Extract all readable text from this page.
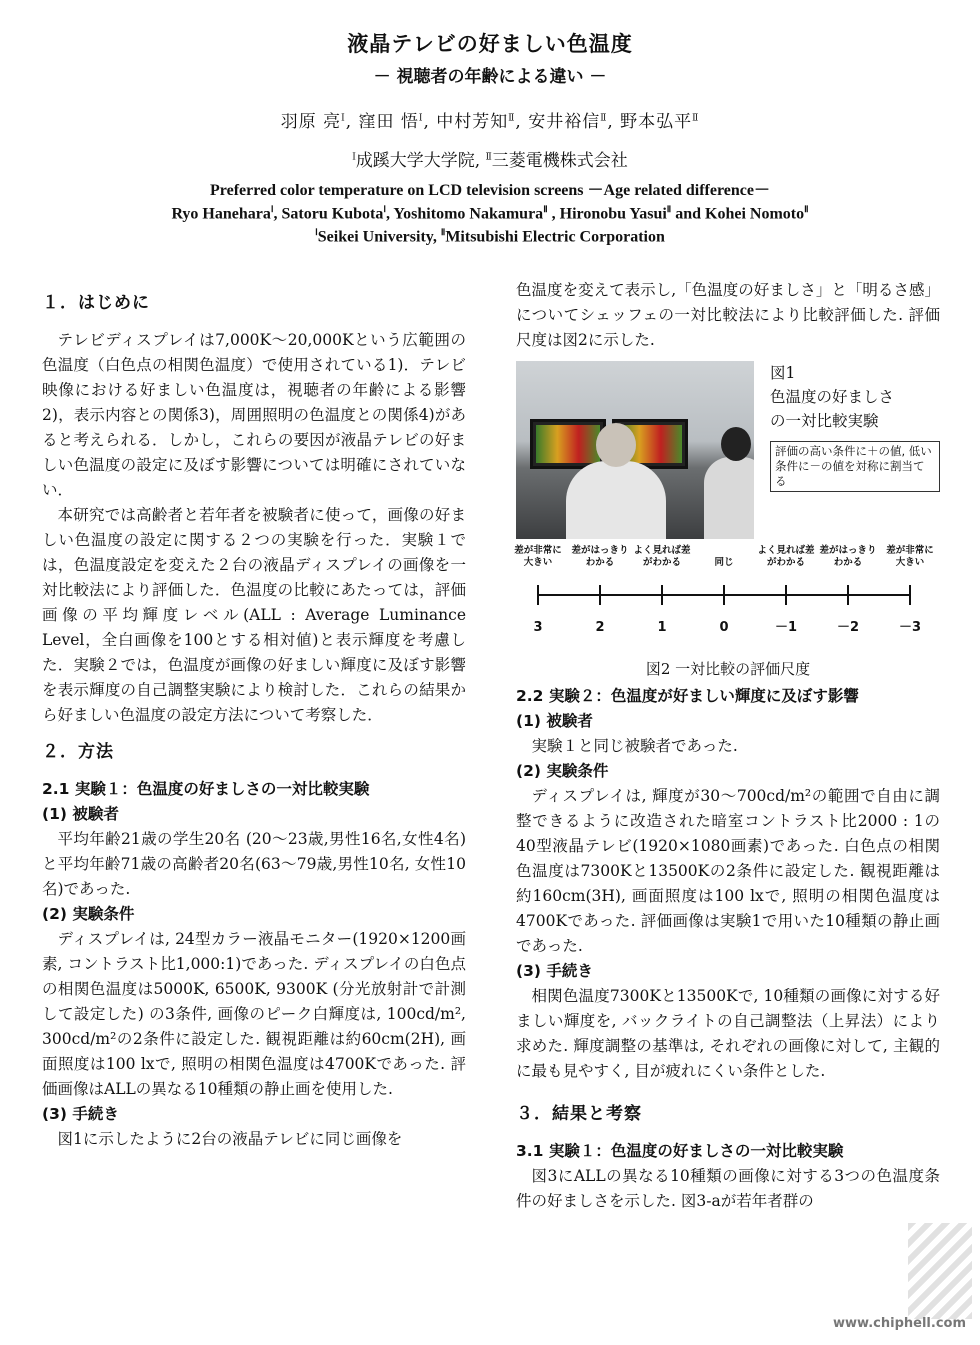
液晶テレビの好ましい色温度
－ 視聴者の年齢による違い －
羽原 亮$^Ⅰ$, 窪田 悟$^Ⅰ$, 中村芳知$^Ⅱ$, 安井裕信$^Ⅱ$, 野本弘平$^Ⅱ$
$^Ⅰ$成蹊大学大学院, $^Ⅱ$三菱電機株式会社
Preferred color temperature on LCD television screens －Age related difference－
Ryo Hanehara$^Ⅰ$, Satoru Kubota$^Ⅰ$, Yoshitomo Nakamura$^Ⅱ$ , Hironobu Yasui$^Ⅱ$ and Kohei Nomoto$^Ⅱ$
$^Ⅰ$Seikei University, $^Ⅱ$Mitsubishi Electric Corporation
１．はじめに

テレビディスプレイは7,000K～20,000Kという広範囲の色温度（白色点の相関色温度）で使用されている1)．テレビ映像における好ましい色温度は，視聴者の年齢による影響2)，表示内容との関係3)，周囲照明の色温度との関係4)があると考えられる．しかし，これらの要因が液晶テレビの好ましい色温度の設定に及ぼす影響については明確にされていない．

本研究では高齢者と若年者を被験者に使って，画像の好ましい色温度の設定に関する２つの実験を行った．実験１では，色温度設定を変えた２台の液晶ディスプレイの画像を一対比較法により評価した．色温度の比較にあたっては，評価画像の平均輝度レベル(ALL : Average Luminance Level，全白画像を100とする相対値)と表示輝度を考慮した．実験２では，色温度が画像の好ましい輝度に及ぼす影響を表示輝度の自己調整実験により検討した．これらの結果から好ましい色温度の設定方法について考察した．

２．方法
2.1 実験１：色温度の好ましさの一対比較実験
(1) 被験者

平均年齢21歳の学生20名 (20～23歳,男性16名,女性4名)と平均年齢71歳の高齢者20名(63～79歳,男性10名, 女性10名)であった.

(2) 実験条件

ディスプレイは, 24型カラー液晶モニター(1920×1200画素, コントラスト比1,000:1)であった. ディスプレイの白色点の相関色温度は5000K, 6500K, 9300K (分光放射計で計測して設定した) の3条件, 画像のピーク白輝度は, 100cd/m², 300cd/m²の2条件に設定した. 観視距離は約60cm(2H), 画面照度は100 lxで, 照明の相関色温度は4700Kであった. 評価画像はALLの異なる10種類の静止画を使用した.

(3) 手続き

図1に示したように2台の液晶テレビに同じ画像を

色温度を変えて表示し,「色温度の好ましさ」と「明るさ感」についてシェッフェの一対比較法により比較評価した. 評価尺度は図2に示した.

図1
色温度の好ましさ
の一対比較実験
評価の高い条件に＋の値, 低い条件に－の値を対称に割当てる
差が非常に
大きい
3
差がはっきり
わかる
2
よく見れば差
がわかる
1
同じ
0
よく見れば差
がわかる
－1
差がはっきり
わかる
－2
差が非常に
大きい
－3
図2 一対比較の評価尺度
2.2 実験２：色温度が好ましい輝度に及ぼす影響
(1) 被験者

実験１と同じ被験者であった.

(2) 実験条件

ディスプレイは, 輝度が30～700cd/m²の範囲で自由に調整できるように改造された暗室コントラスト比2000 : 1の40型液晶テレビ(1920×1080画素)であった. 白色点の相関色温度は7300Kと13500Kの2条件に設定した. 観視距離は約160cm(3H), 画面照度は100 lxで, 照明の相関色温度は4700Kであった. 評価画像は実験1で用いた10種類の静止画であった.

(3) 手続き

相関色温度7300Kと13500Kで, 10種類の画像に対する好ましい輝度を, バックライトの自己調整法（上昇法）により求めた. 輝度調整の基準は, それぞれの画像に対して, 主観的に最も見やすく, 目が疲れにくい条件とした.

３．結果と考察
3.1 実験１：色温度の好ましさの一対比較実験

図3にALLの異なる10種類の画像に対する3つの色温度条件の好ましさを示した. 図3-aが若年者群の

www.chiphell.com
